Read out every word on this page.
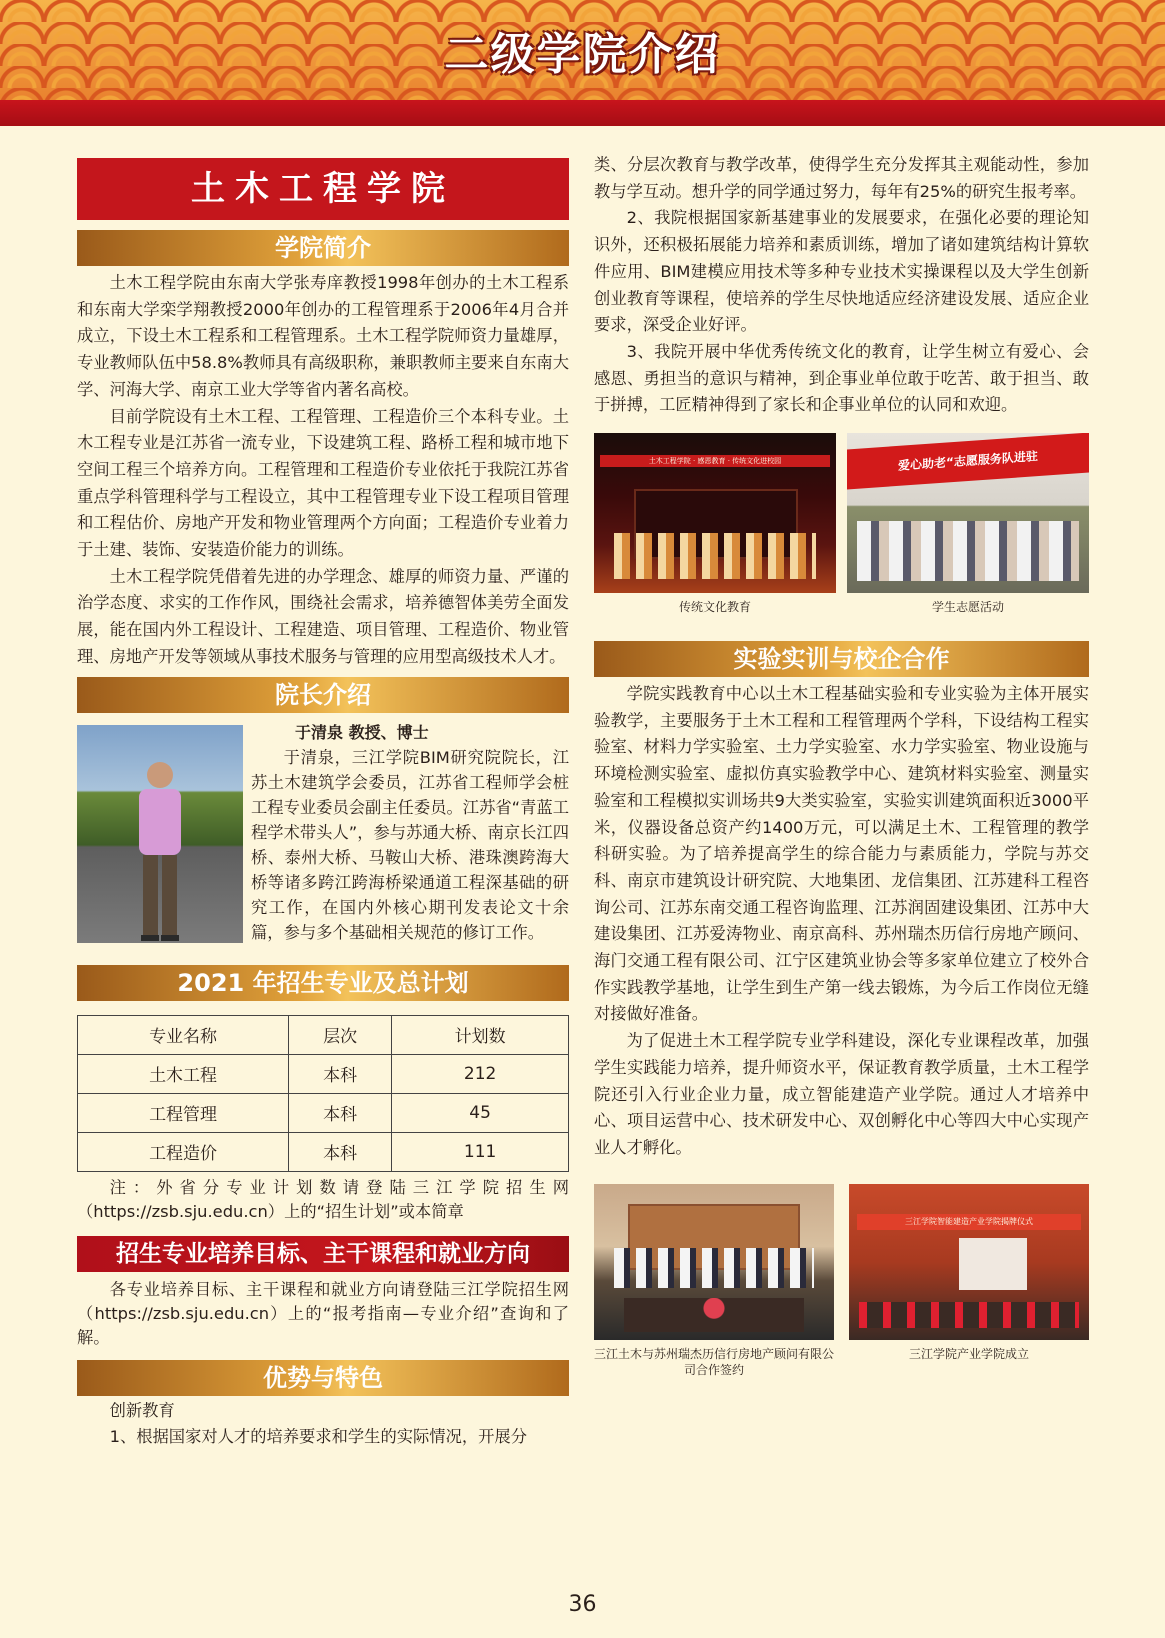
二级学院介绍
土木工程学院
学院简介

土木工程学院由东南大学张寿庠教授1998年创办的土木工程系和东南大学栾学翔教授2000年创办的工程管理系于2006年4月合并成立，下设土木工程系和工程管理系。土木工程学院师资力量雄厚，专业教师队伍中58.8%教师具有高级职称，兼职教师主要来自东南大学、河海大学、南京工业大学等省内著名高校。

目前学院设有土木工程、工程管理、工程造价三个本科专业。土木工程专业是江苏省一流专业，下设建筑工程、路桥工程和城市地下空间工程三个培养方向。工程管理和工程造价专业依托于我院江苏省重点学科管理科学与工程设立，其中工程管理专业下设工程项目管理和工程估价、房地产开发和物业管理两个方向面；工程造价专业着力于土建、装饰、安装造价能力的训练。

土木工程学院凭借着先进的办学理念、雄厚的师资力量、严谨的治学态度、求实的工作作风，围绕社会需求，培养德智体美劳全面发展，能在国内外工程设计、工程建造、项目管理、工程造价、物业管理、房地产开发等领域从事技术服务与管理的应用型高级技术人才。

院长介绍
于清泉 教授、博士

于清泉，三江学院BIM研究院院长，江苏土木建筑学会委员，江苏省工程师学会桩工程专业委员会副主任委员。江苏省“青蓝工程学术带头人”，参与苏通大桥、南京长江四桥、泰州大桥、马鞍山大桥、港珠澳跨海大桥等诸多跨江跨海桥梁通道工程深基础的研究工作，在国内外核心期刊发表论文十余篇，参与多个基础相关规范的修订工作。

2021 年招生专业及总计划
专业名称	层次	计划数
土木工程	本科	212
工程管理	本科	45
工程造价	本科	111

注：外省分专业计划数请登陆三江学院招生网（https://zsb.sju.edu.cn）上的“招生计划”或本简章

招生专业培养目标、主干课程和就业方向

各专业培养目标、主干课程和就业方向请登陆三江学院招生网（https://zsb.sju.edu.cn）上的“报考指南—专业介绍”查询和了解。

优势与特色

创新教育

1、根据国家对人才的培养要求和学生的实际情况，开展分

类、分层次教育与教学改革，使得学生充分发挥其主观能动性，参加教与学互动。想升学的同学通过努力，每年有25%的研究生报考率。

2、我院根据国家新基建事业的发展要求，在强化必要的理论知识外，还积极拓展能力培养和素质训练，增加了诸如建筑结构计算软件应用、BIM建模应用技术等多种专业技术实操课程以及大学生创新创业教育等课程，使培养的学生尽快地适应经济建设发展、适应企业要求，深受企业好评。

3、我院开展中华优秀传统文化的教育，让学生树立有爱心、会感恩、勇担当的意识与精神，到企事业单位敢于吃苦、敢于担当、敢于拼搏，工匠精神得到了家长和企事业单位的认同和欢迎。

土木工程学院 · 感恩教育 · 传统文化进校园
传统文化教育
爱心助老“志愿服务队进驻
学生志愿活动
实验实训与校企合作

学院实践教育中心以土木工程基础实验和专业实验为主体开展实验教学，主要服务于土木工程和工程管理两个学科，下设结构工程实验室、材料力学实验室、土力学实验室、水力学实验室、物业设施与环境检测实验室、虚拟仿真实验教学中心、建筑材料实验室、测量实验室和工程模拟实训场共9大类实验室，实验实训建筑面积近3000平米，仪器设备总资产约1400万元，可以满足土木、工程管理的教学科研实验。为了培养提高学生的综合能力与素质能力，学院与苏交科、南京市建筑设计研究院、大地集团、龙信集团、江苏建科工程咨询公司、江苏东南交通工程咨询监理、江苏润固建设集团、江苏中大建设集团、江苏爱涛物业、南京高科、苏州瑞杰历信行房地产顾问、海门交通工程有限公司、江宁区建筑业协会等多家单位建立了校外合作实践教学基地，让学生到生产第一线去锻炼，为今后工作岗位无缝对接做好准备。

为了促进土木工程学院专业学科建设，深化专业课程改革，加强学生实践能力培养，提升师资水平，保证教育教学质量，土木工程学院还引入行业企业力量，成立智能建造产业学院。通过人才培养中心、项目运营中心、技术研发中心、双创孵化中心等四大中心实现产业人才孵化。

三江土木与苏州瑞杰历信行房地产顾问有限公司合作签约
三江学院智能建造产业学院揭牌仪式
三江学院产业学院成立
36
